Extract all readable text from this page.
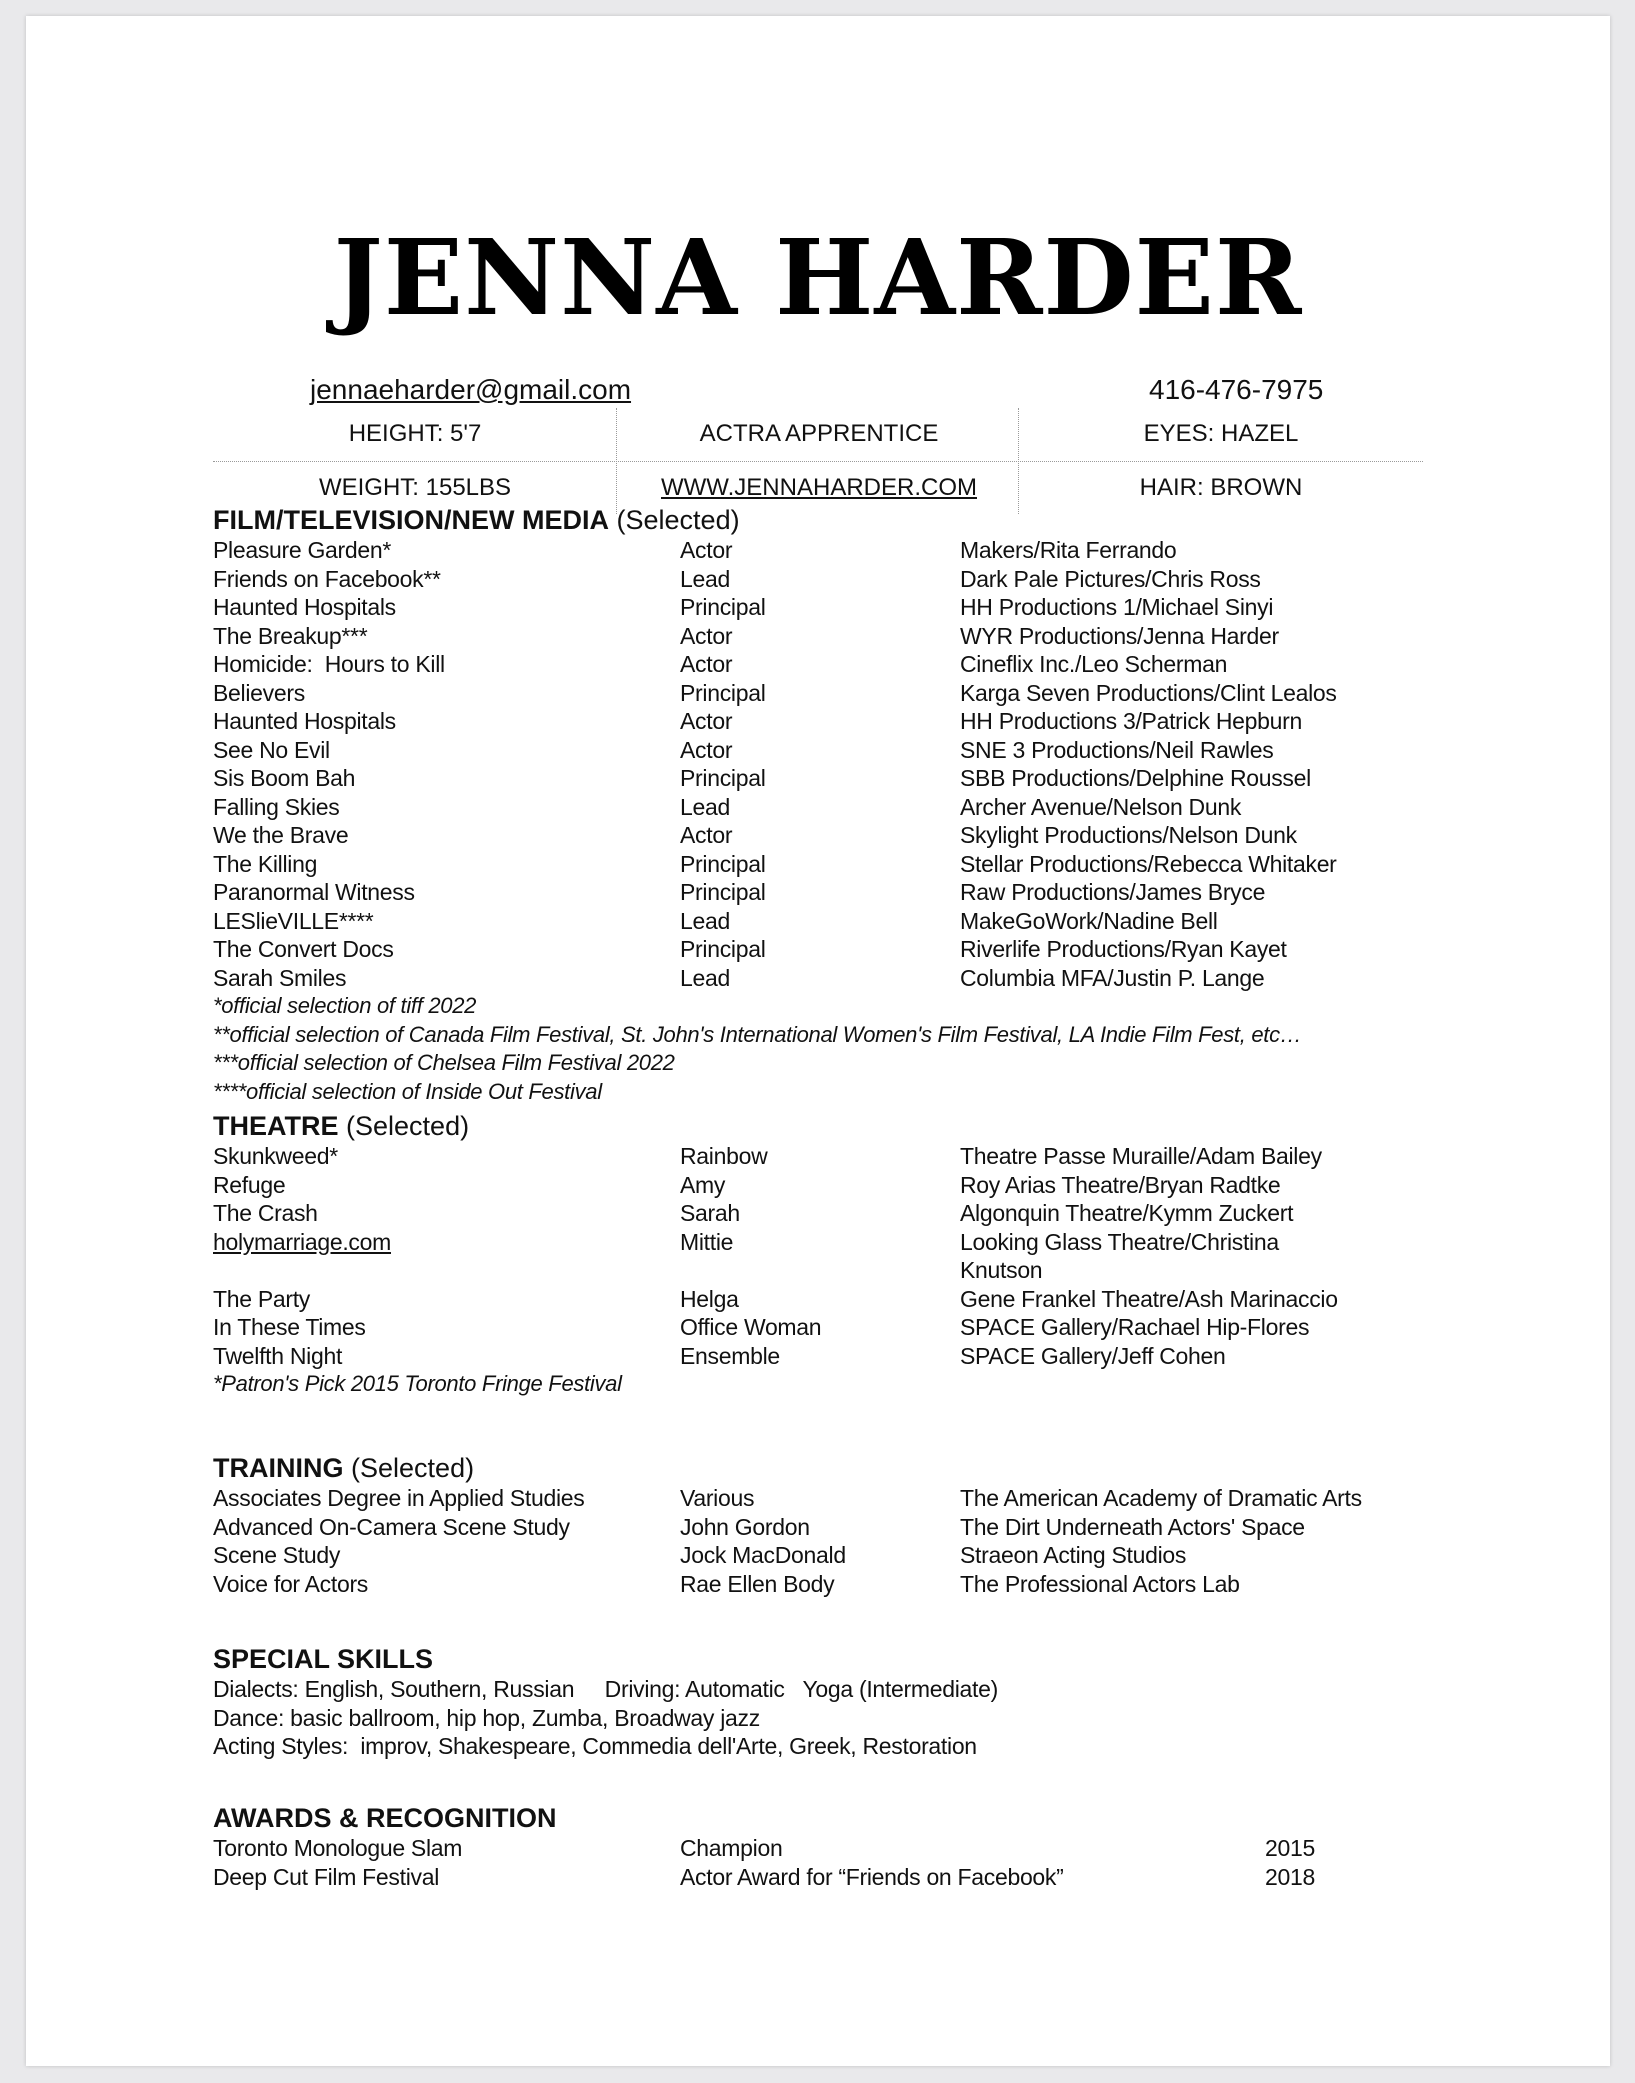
JENNA HARDER
jennaeharder@gmail.com	416-476-7975
HEIGHT: 5'7	ACTRA APPRENTICE	EYES: HAZEL
WEIGHT: 155LBS	WWW.JENNAHARDER.COM	HAIR: BROWN
FILM/TELEVISION/NEW MEDIA (Selected)
Pleasure Garden*	Actor	Makers/Rita Ferrando
Friends on Facebook**	Lead	Dark Pale Pictures/Chris Ross
Haunted Hospitals	Principal	HH Productions 1/Michael Sinyi
The Breakup***	Actor	WYR Productions/Jenna Harder
Homicide:  Hours to Kill	Actor	Cineflix Inc./Leo Scherman
Believers	Principal	Karga Seven Productions/Clint Lealos
Haunted Hospitals	Actor	HH Productions 3/Patrick Hepburn
See No Evil	Actor	SNE 3 Productions/Neil Rawles
Sis Boom Bah	Principal	SBB Productions/Delphine Roussel
Falling Skies	Lead	Archer Avenue/Nelson Dunk
We the Brave	Actor	Skylight Productions/Nelson Dunk
The Killing	Principal	Stellar Productions/Rebecca Whitaker
Paranormal Witness	Principal	Raw Productions/James Bryce
LESlieVILLE****	Lead	MakeGoWork/Nadine Bell
The Convert Docs	Principal	Riverlife Productions/Ryan Kayet
Sarah Smiles	Lead	Columbia MFA/Justin P. Lange
*official selection of tiff 2022
**official selection of Canada Film Festival, St. John's International Women's Film Festival, LA Indie Film Fest, etc…
***official selection of Chelsea Film Festival 2022
****official selection of Inside Out Festival
THEATRE (Selected)
Skunkweed*	Rainbow	Theatre Passe Muraille/Adam Bailey
Refuge	Amy	Roy Arias Theatre/Bryan Radtke
The Crash	Sarah	Algonquin Theatre/Kymm Zuckert
holymarriage.com	Mittie	Looking Glass Theatre/Christina Knutson
The Party	Helga	Gene Frankel Theatre/Ash Marinaccio
In These Times	Office Woman	SPACE Gallery/Rachael Hip-Flores
Twelfth Night	Ensemble	SPACE Gallery/Jeff Cohen
*Patron's Pick 2015 Toronto Fringe Festival
TRAINING (Selected)
Associates Degree in Applied Studies	Various	The American Academy of Dramatic Arts
Advanced On-Camera Scene Study	John Gordon	The Dirt Underneath Actors' Space
Scene Study	Jock MacDonald	Straeon Acting Studios
Voice for Actors	Rae Ellen Body	The Professional Actors Lab
SPECIAL SKILLS
Dialects: English, Southern, Russian     Driving: Automatic   Yoga (Intermediate)
Dance: basic ballroom, hip hop, Zumba, Broadway jazz
Acting Styles:  improv, Shakespeare, Commedia dell'Arte, Greek, Restoration
AWARDS & RECOGNITION
Toronto Monologue Slam	Champion	2015
Deep Cut Film Festival	Actor Award for “Friends on Facebook”	2018
